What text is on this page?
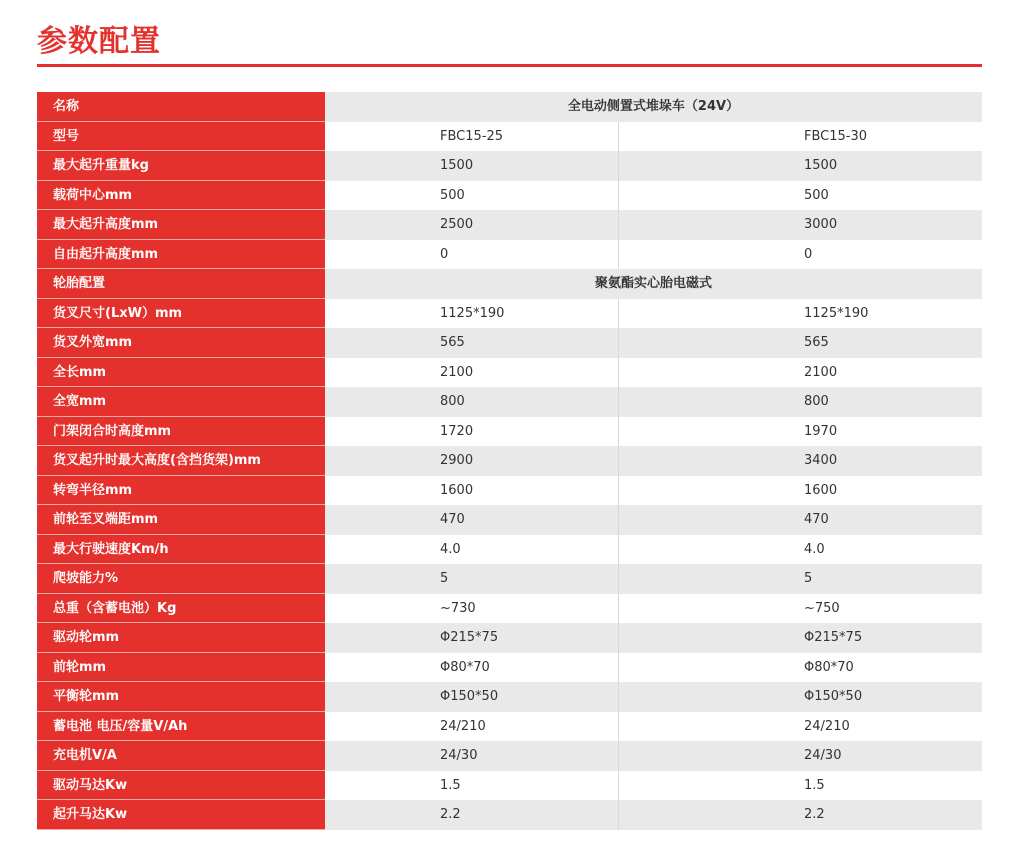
参数配置
名称	全电动侧置式堆垛车（24V）
型号	FBC15-25	FBC15-30
最大起升重量kg	1500	1500
载荷中心mm	500	500
最大起升高度mm	2500	3000
自由起升高度mm	0	0
轮胎配置	聚氨酯实心胎电磁式
货叉尺寸(LxW）mm	1125*190	1125*190
货叉外宽mm	565	565
全长mm	2100	2100
全宽mm	800	800
门架闭合时高度mm	1720	1970
货叉起升时最大高度(含挡货架)mm	2900	3400
转弯半径mm	1600	1600
前轮至叉端距mm	470	470
最大行驶速度Km/h	4.0	4.0
爬坡能力%	5	5
总重（含蓄电池）Kg	~730	~750
驱动轮mm	Φ215*75	Φ215*75
前轮mm	Φ80*70	Φ80*70
平衡轮mm	Φ150*50	Φ150*50
蓄电池 电压/容量V/Ah	24/210	24/210
充电机V/A	24/30	24/30
驱动马达Kw	1.5	1.5
起升马达Kw	2.2	2.2
